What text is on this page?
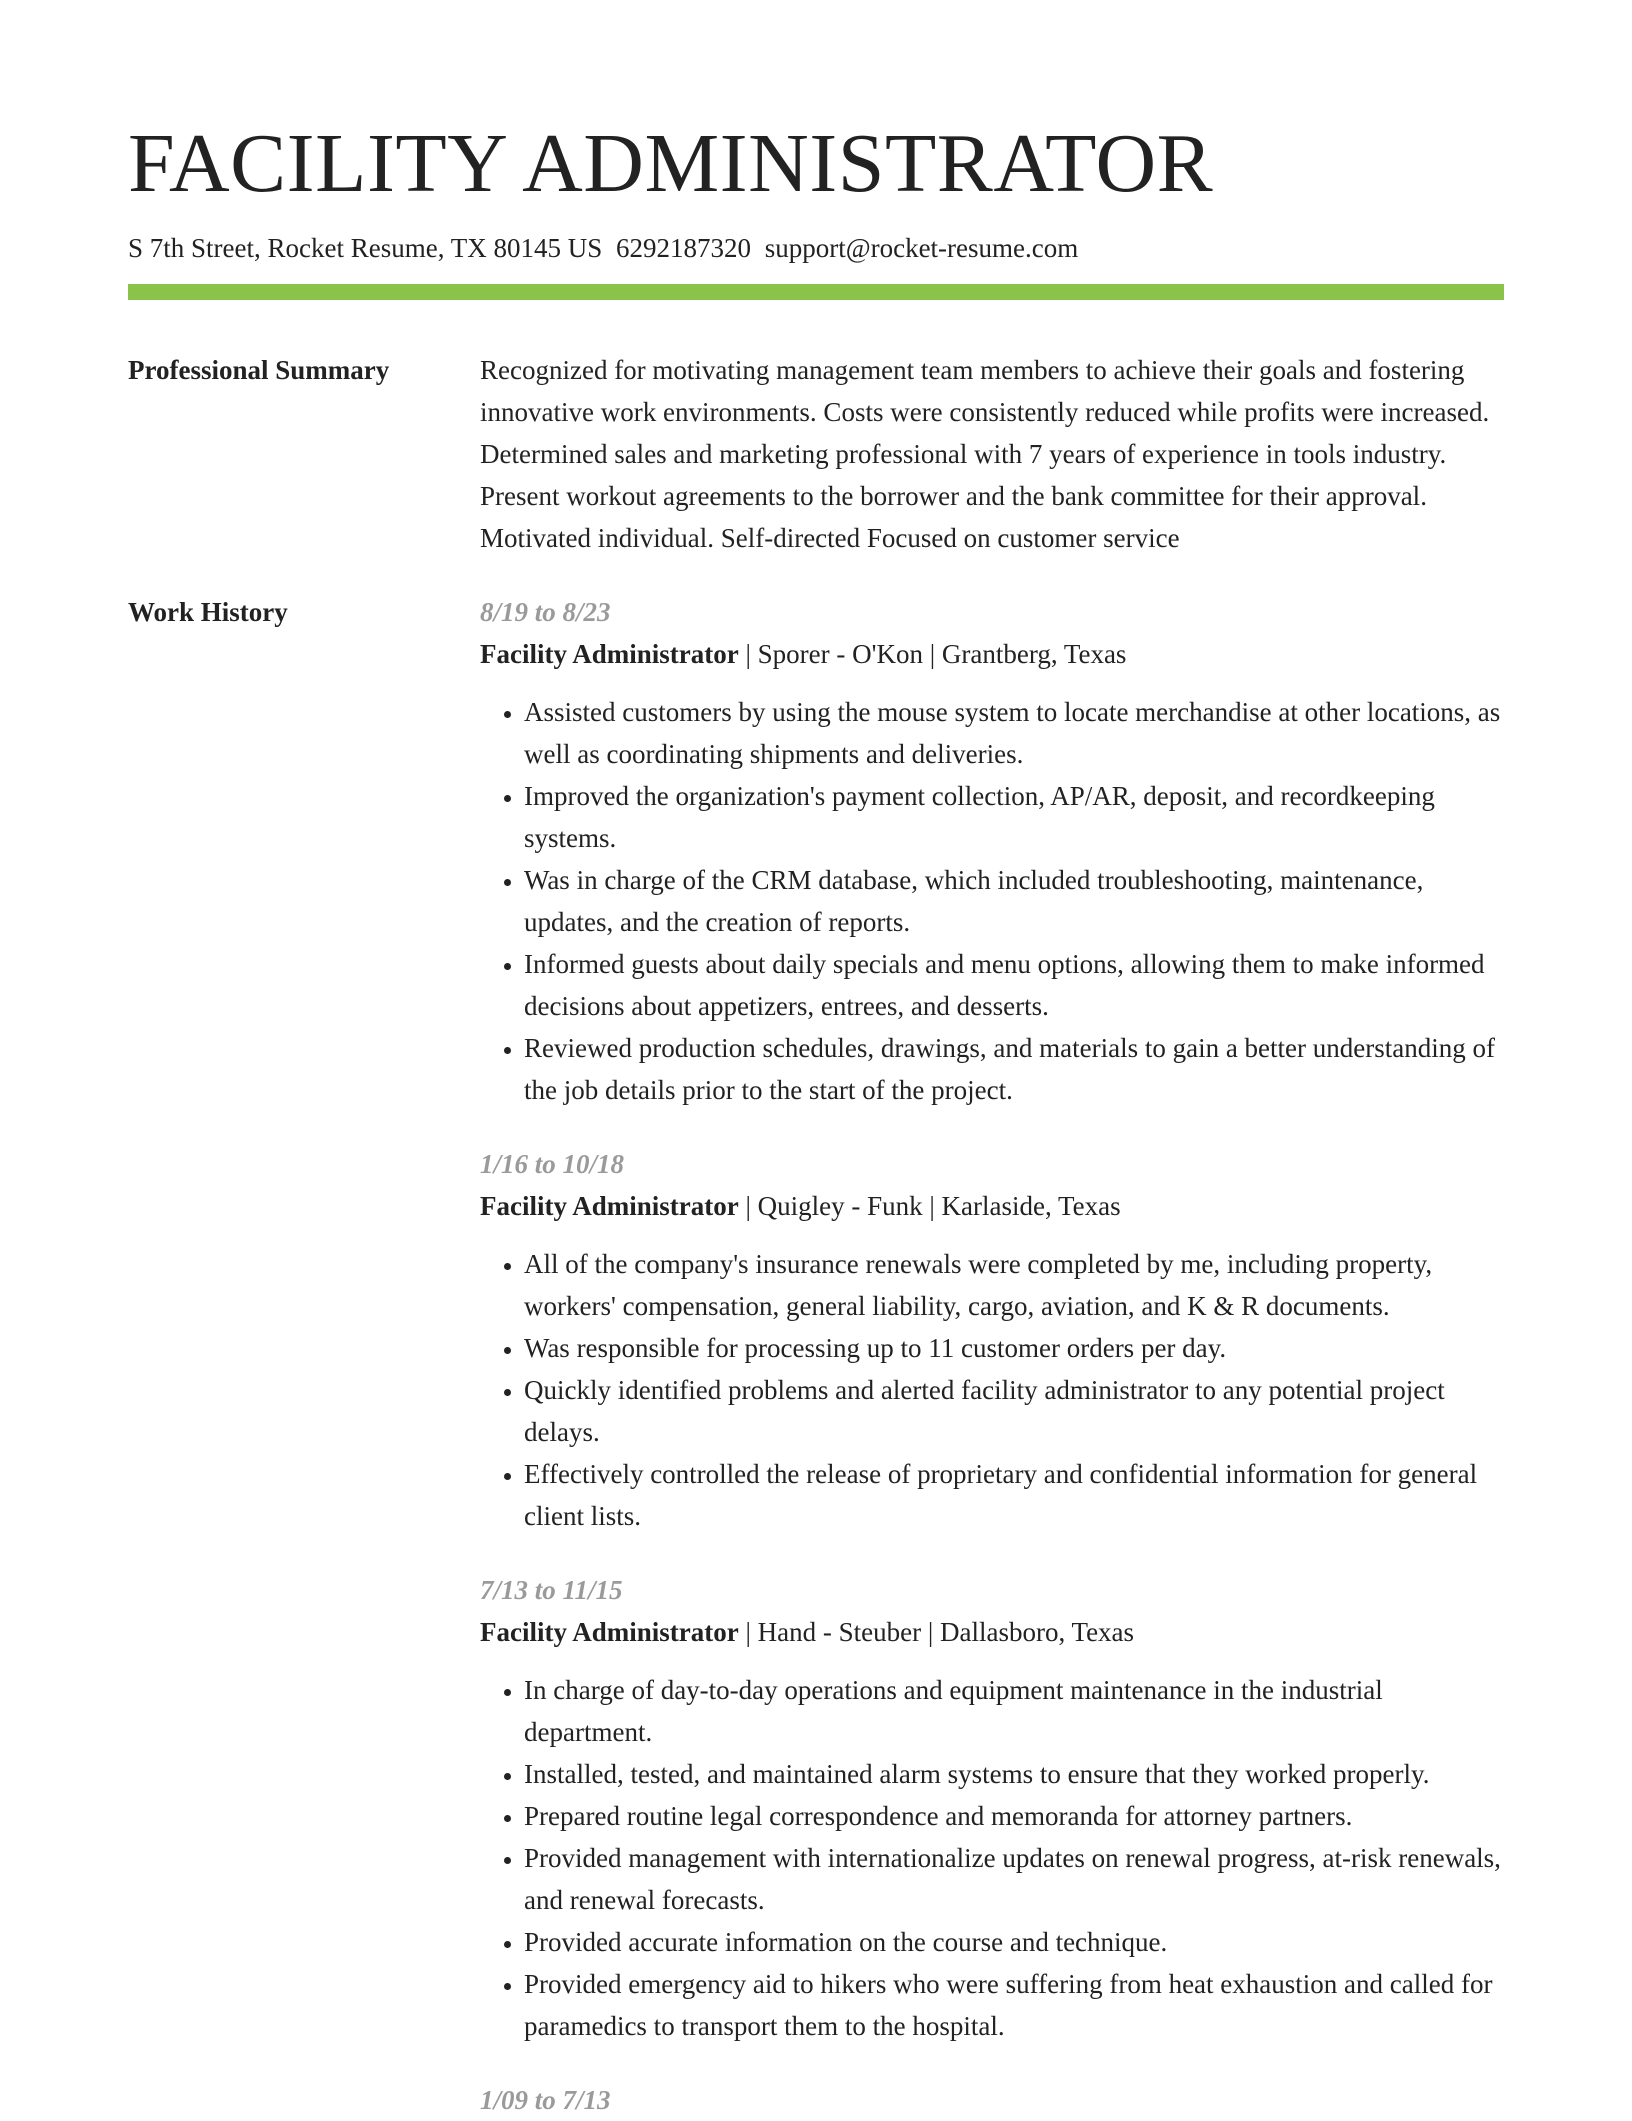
FACILITY ADMINISTRATOR
S 7th Street, Rocket Resume, TX 80145 US 6292187320 support@rocket-resume.com
Professional Summary	Recognized for motivating management team members to achieve their goals and fostering innovative work environments. Costs were consistently reduced while profits were increased. Determined sales and marketing professional with 7 years of experience in tools industry. Present workout agreements to the borrower and the bank committee for their approval. Motivated individual. Self-directed Focused on customer service
Work History	8/19 to 8/23
Facility Administrator | Sporer - O'Kon | Grantberg, Texas
• Assisted customers by using the mouse system to locate merchandise at other locations, as well as coordinating shipments and deliveries.
• Improved the organization's payment collection, AP/AR, deposit, and recordkeeping systems.
• Was in charge of the CRM database, which included troubleshooting, maintenance, updates, and the creation of reports.
• Informed guests about daily specials and menu options, allowing them to make informed decisions about appetizers, entrees, and desserts.
• Reviewed production schedules, drawings, and materials to gain a better understanding of the job details prior to the start of the project.
1/16 to 10/18
Facility Administrator | Quigley - Funk | Karlaside, Texas
• All of the company's insurance renewals were completed by me, including property, workers' compensation, general liability, cargo, aviation, and K & R documents.
• Was responsible for processing up to 11 customer orders per day.
• Quickly identified problems and alerted facility administrator to any potential project delays.
• Effectively controlled the release of proprietary and confidential information for general client lists.
7/13 to 11/15
Facility Administrator | Hand - Steuber | Dallasboro, Texas
• In charge of day-to-day operations and equipment maintenance in the industrial department.
• Installed, tested, and maintained alarm systems to ensure that they worked properly.
• Prepared routine legal correspondence and memoranda for attorney partners.
• Provided management with internationalize updates on renewal progress, at-risk renewals, and renewal forecasts.
• Provided accurate information on the course and technique.
• Provided emergency aid to hikers who were suffering from heat exhaustion and called for paramedics to transport them to the hospital.
1/09 to 7/13
